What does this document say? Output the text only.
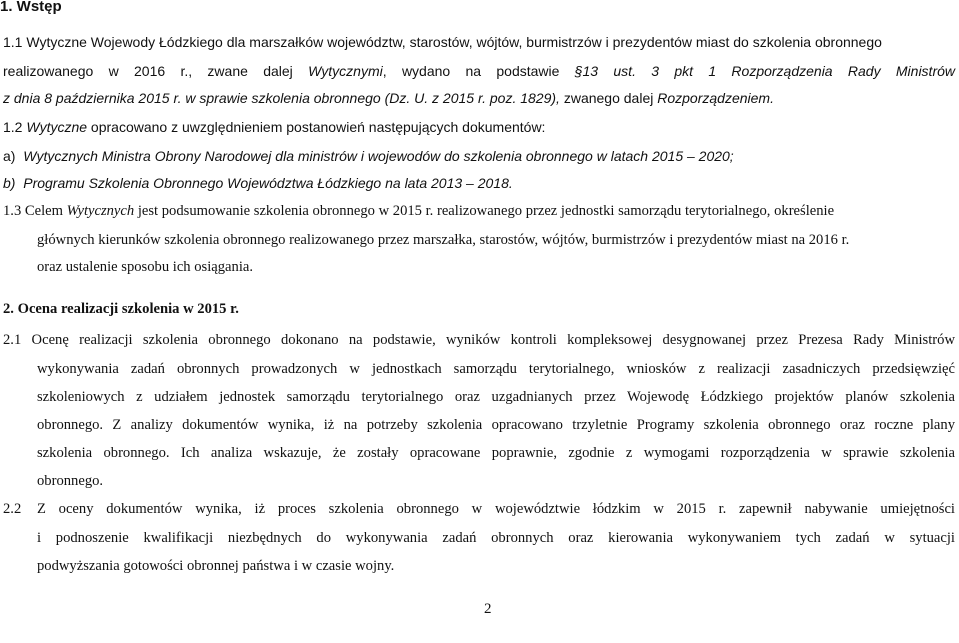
1. Wstęp
1.1 Wytyczne Wojewody Łódzkiego dla marszałków województw, starostów, wójtów, burmistrzów i prezydentów miast do szkolenia obronnego
realizowanego w 2016 r., zwane dalej Wytycznymi, wydano na podstawie §13 ust. 3 pkt 1 Rozporządzenia Rady Ministrów
z dnia 8 października 2015 r. w sprawie szkolenia obronnego (Dz. U. z 2015 r. poz. 1829), zwanego dalej Rozporządzeniem.
1.2 Wytyczne opracowano z uwzględnieniem postanowień następujących dokumentów:
a) Wytycznych Ministra Obrony Narodowej dla ministrów i wojewodów do szkolenia obronnego w latach 2015 – 2020;
b) Programu Szkolenia Obronnego Województwa Łódzkiego na lata 2013 – 2018.
1.3 Celem Wytycznych jest podsumowanie szkolenia obronnego w 2015 r. realizowanego przez jednostki samorządu terytorialnego, określenie
głównych kierunków szkolenia obronnego realizowanego przez marszałka, starostów, wójtów, burmistrzów i prezydentów miast na 2016 r.
oraz ustalenie sposobu ich osiągania.
2. Ocena realizacji szkolenia w 2015 r.
2.1 Ocenę realizacji szkolenia obronnego dokonano na podstawie, wyników kontroli kompleksowej desygnowanej przez Prezesa Rady Ministrów
wykonywania zadań obronnych prowadzonych w jednostkach samorządu terytorialnego, wniosków z realizacji zasadniczych przedsięwzięć
szkoleniowych z udziałem jednostek samorządu terytorialnego oraz uzgadnianych przez Wojewodę Łódzkiego projektów planów szkolenia
obronnego. Z analizy dokumentów wynika, iż na potrzeby szkolenia opracowano trzyletnie Programy szkolenia obronnego oraz roczne plany
szkolenia obronnego. Ich analiza wskazuje, że zostały opracowane poprawnie, zgodnie z wymogami rozporządzenia w sprawie szkolenia
obronnego.
2.2 Z oceny dokumentów wynika, iż proces szkolenia obronnego w województwie łódzkim w 2015 r. zapewnił nabywanie umiejętności
i podnoszenie kwalifikacji niezbędnych do wykonywania zadań obronnych oraz kierowania wykonywaniem tych zadań w sytuacji
podwyższania gotowości obronnej państwa i w czasie wojny.
2
